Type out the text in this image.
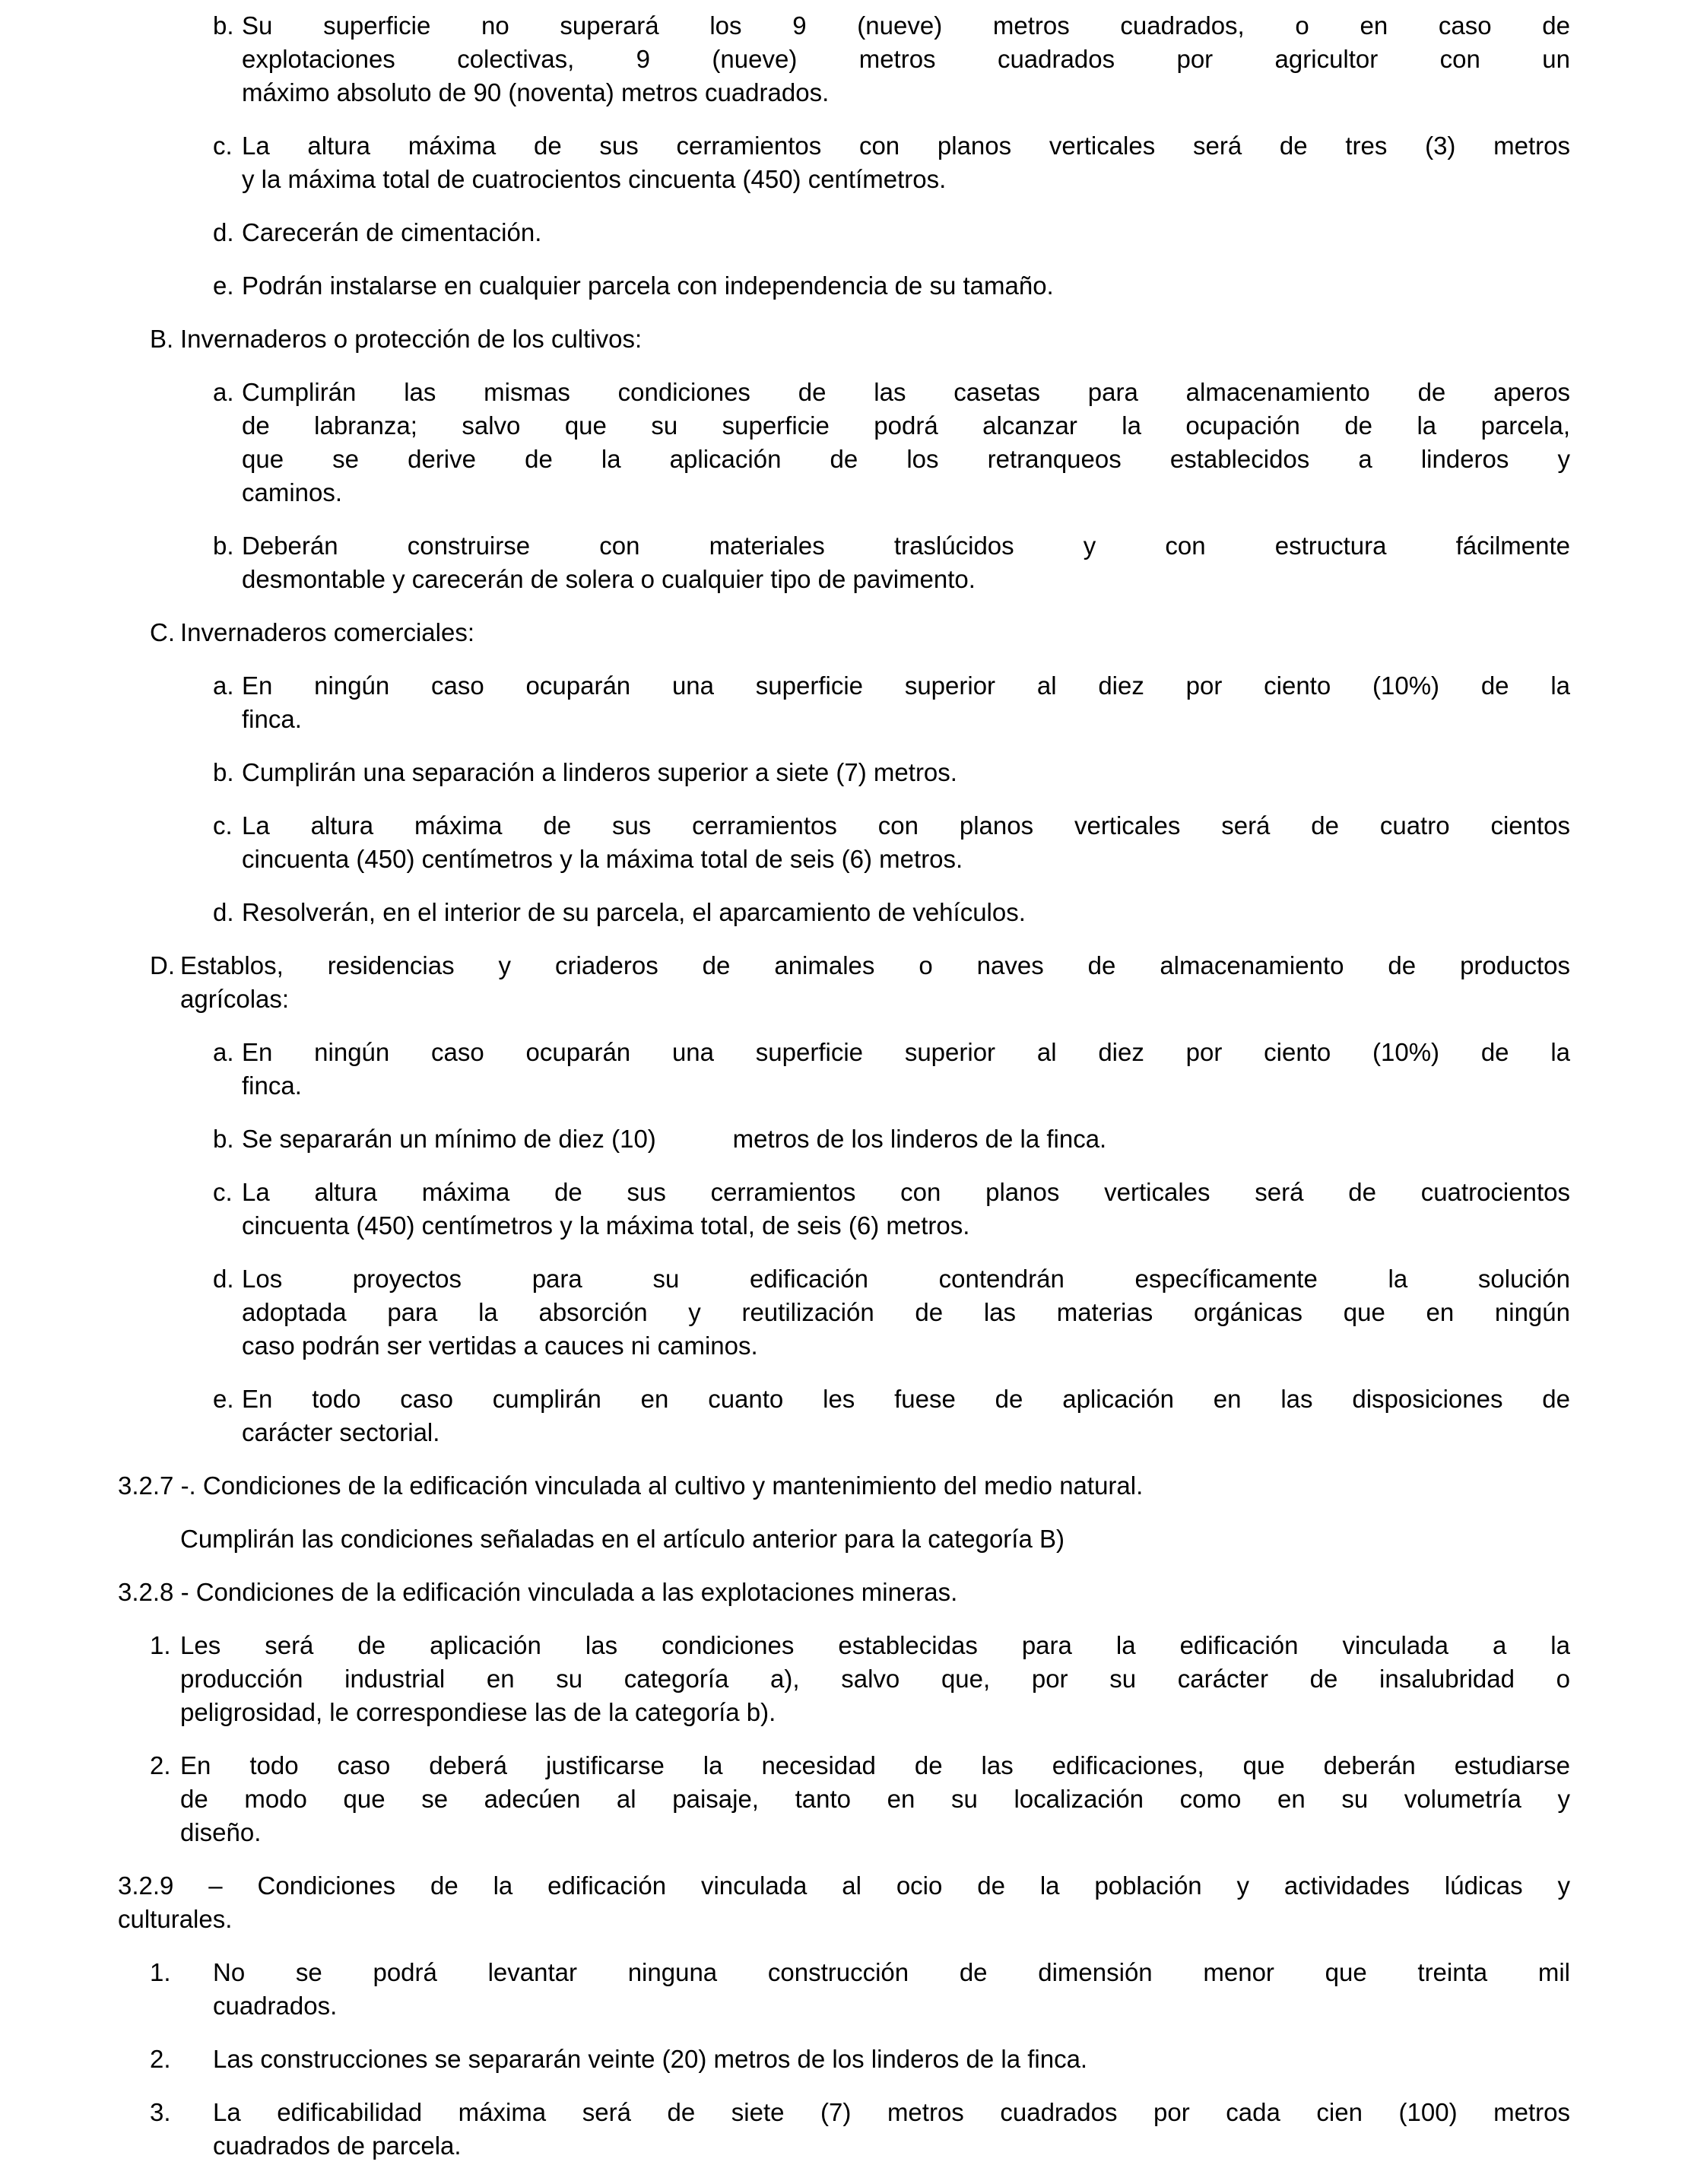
b. Su superficie no superará los 9 (nueve) metros cuadrados, o en caso de
explotaciones colectivas, 9 (nueve) metros cuadrados por agricultor con un
máximo absoluto de 90 (noventa) metros cuadrados.
c. La altura máxima de sus cerramientos con planos verticales será de tres (3) metros
y la máxima total de cuatrocientos cincuenta (450) centímetros.
d. Carecerán de cimentación.
e. Podrán instalarse en cualquier parcela con independencia de su tamaño.
B. Invernaderos o protección de los cultivos:
a. Cumplirán las mismas condiciones de las casetas para almacenamiento de aperos
de labranza; salvo que su superficie podrá alcanzar la ocupación de la parcela,
que se derive de la aplicación de los retranqueos establecidos a linderos y
caminos.
b. Deberán construirse con materiales traslúcidos y con estructura fácilmente
desmontable y carecerán de solera o cualquier tipo de pavimento.
C. Invernaderos comerciales:
a. En ningún caso ocuparán una superficie superior al diez por ciento (10%) de la
finca.
b. Cumplirán una separación a linderos superior a siete (7) metros.
c. La altura máxima de sus cerramientos con planos verticales será de cuatro cientos
cincuenta (450) centímetros y la máxima total de seis (6) metros.
d. Resolverán, en el interior de su parcela, el aparcamiento de vehículos.
D. Establos, residencias y criaderos de animales o naves de almacenamiento de productos
agrícolas:
a. En ningún caso ocuparán una superficie superior al diez por ciento (10%) de la
finca.
b. Se separarán un mínimo de diez (10)           metros de los linderos de la finca.
c. La altura máxima de sus cerramientos con planos verticales será de cuatrocientos
cincuenta (450) centímetros y la máxima total, de seis (6) metros.
d. Los proyectos para su edificación contendrán específicamente la solución
adoptada para la absorción y reutilización de las materias orgánicas que en ningún
caso podrán ser vertidas a cauces ni caminos.
e. En todo caso cumplirán en cuanto les fuese de aplicación en las disposiciones de
carácter sectorial.
3.2.7 -. Condiciones de la edificación vinculada al cultivo y mantenimiento del medio natural.
Cumplirán las condiciones señaladas en el artículo anterior para la categoría B)
3.2.8 - Condiciones de la edificación vinculada a las explotaciones mineras.
1. Les será de aplicación las condiciones establecidas para la edificación vinculada a la
producción industrial en su categoría a), salvo que, por su carácter de insalubridad o
peligrosidad, le correspondiese las de la categoría b).
2. En todo caso deberá justificarse la necesidad de las edificaciones, que deberán estudiarse
de modo que se adecúen al paisaje, tanto en su localización como en su volumetría y
diseño.
3.2.9 – Condiciones de la edificación vinculada al ocio de la población y actividades lúdicas y
culturales.
1.	No se podrá levantar ninguna construcción de dimensión menor que treinta mil
cuadrados.
2.	Las construcciones se separarán veinte (20) metros de los linderos de la finca.
3.	La edificabilidad máxima será de siete (7) metros cuadrados por cada cien (100) metros
cuadrados de parcela.
